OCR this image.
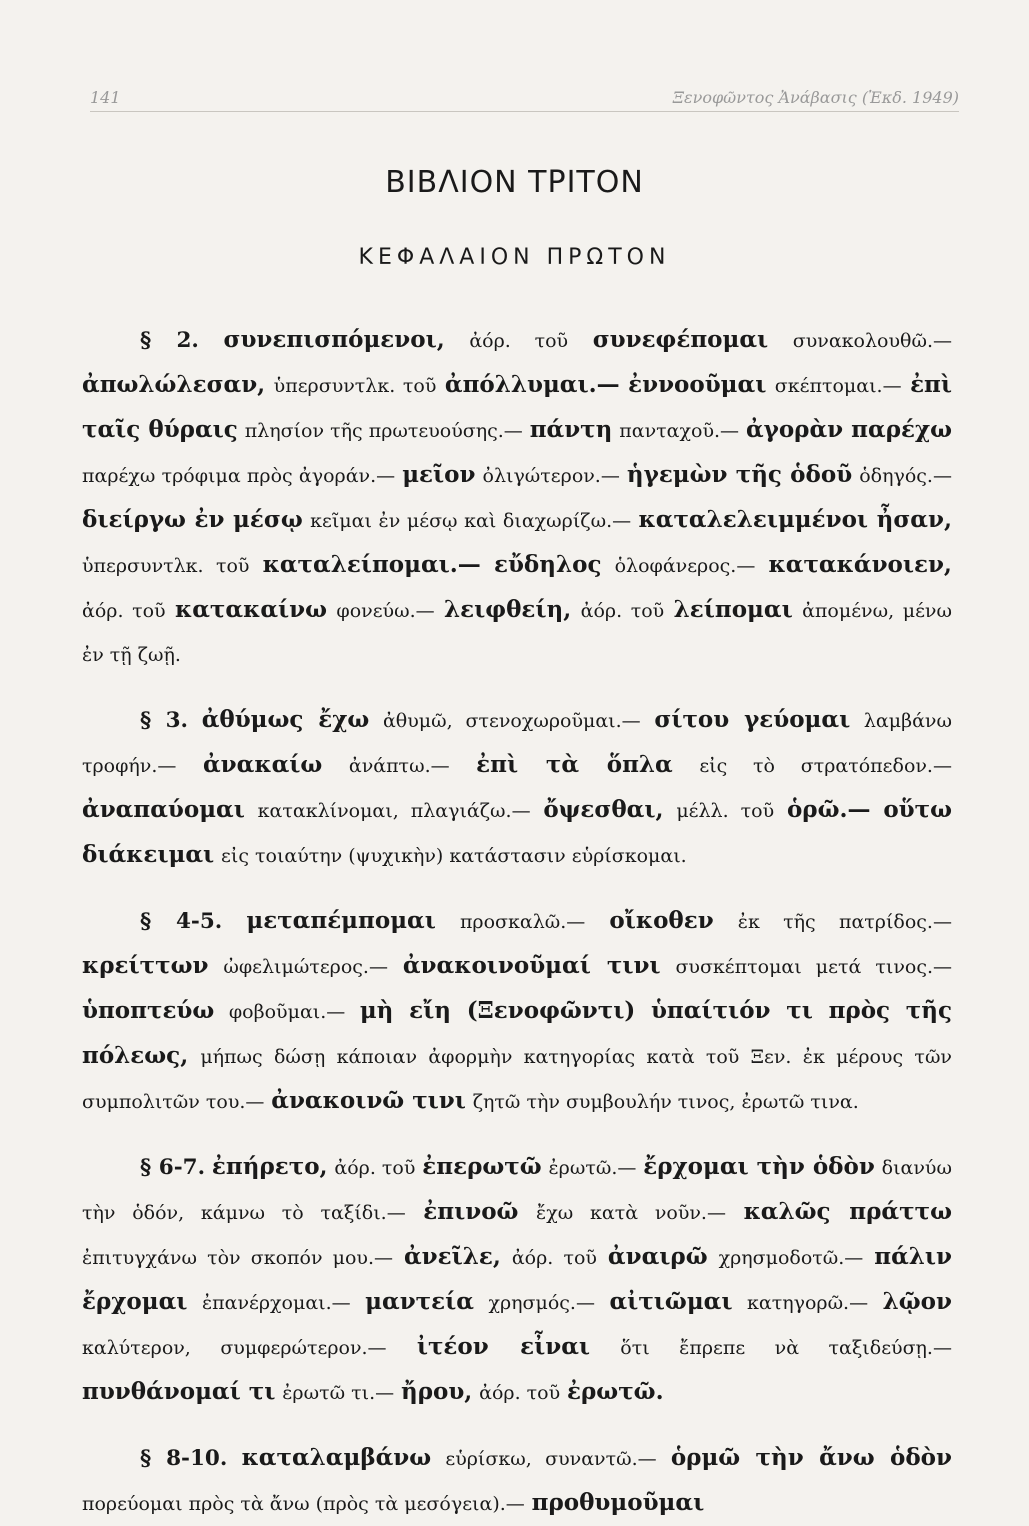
141	Ξενοφῶντος Ἀνάβασις (Ἐκδ. 1949)
ΒΙΒΛΙΟΝ ΤΡΙΤΟΝ
ΚΕΦΑΛΑΙΟΝ ΠΡΩΤΟΝ

§ 2. συνεπισπόμενοι, ἀόρ. τοῦ συνεφέπομαι συνακολουθῶ.— ἀπωλώλεσαν, ὑπερσυντλκ. τοῦ ἀπόλλυμαι.— ἐννοοῦμαι σκέπτομαι.— ἐπὶ ταῖς θύραις πλησίον τῆς πρωτευούσης.— πάντη πανταχοῦ.— ἀγορὰν παρέχω παρέχω τρόφιμα πρὸς ἀγοράν.— μεῖον ὀλιγώτερον.— ἡγεμὼν τῆς ὁδοῦ ὁδηγός.— διείργω ἐν μέσῳ κεῖμαι ἐν μέσῳ καὶ διαχωρίζω.— καταλελειμμένοι ἦσαν, ὑπερσυντλκ. τοῦ καταλείπομαι.— εὔδηλος ὁλοφάνερος.— κατακάνοιεν, ἀόρ. τοῦ κατακαίνω φονεύω.— λειφθείη, ἀόρ. τοῦ λείπομαι ἀπομένω, μένω ἐν τῇ ζωῇ.

§ 3. ἀθύμως ἔχω ἀθυμῶ, στενοχωροῦμαι.— σίτου γεύομαι λαμβάνω τροφήν.— ἀνακαίω ἀνάπτω.— ἐπὶ τὰ ὅπλα εἰς τὸ στρατόπεδον.— ἀναπαύομαι κατακλίνομαι, πλαγιάζω.— ὄψεσθαι, μέλλ. τοῦ ὁρῶ.— οὕτω διάκειμαι εἰς τοιαύτην (ψυχικὴν) κατάστασιν εὑρίσκομαι.

§ 4-5. μεταπέμπομαι προσκαλῶ.— οἴκοθεν ἐκ τῆς πατρίδος.— κρείττων ὠφελιμώτερος.— ἀνακοινοῦμαί τινι συσκέπτομαι μετά τινος.— ὑποπτεύω φοβοῦμαι.— μὴ εἴη (Ξενοφῶντι) ὑπαίτιόν τι πρὸς τῆς πόλεως, μήπως δώσῃ κάποιαν ἀφορμὴν κατηγορίας κατὰ τοῦ Ξεν. ἐκ μέρους τῶν συμπολιτῶν του.— ἀνακοινῶ τινι ζητῶ τὴν συμβουλήν τινος, ἐρωτῶ τινα.

§ 6-7. ἐπήρετο, ἀόρ. τοῦ ἐπερωτῶ ἐρωτῶ.— ἔρχομαι τὴν ὁδὸν διανύω τὴν ὁδόν, κάμνω τὸ ταξίδι.— ἐπινοῶ ἔχω κατὰ νοῦν.— καλῶς πράττω ἐπιτυγχάνω τὸν σκοπόν μου.— ἀνεῖλε, ἀόρ. τοῦ ἀναιρῶ χρησμοδοτῶ.— πάλιν ἔρχομαι ἐπανέρχομαι.— μαντεία χρησμός.— αἰτιῶμαι κατηγορῶ.— λῷον καλύτερον, συμφερώτερον.— ἰτέον εἶναι ὅτι ἔπρεπε νὰ ταξιδεύσῃ.— πυνθάνομαί τι ἐρωτῶ τι.— ἤρου, ἀόρ. τοῦ ἐρωτῶ.

§ 8-10. καταλαμβάνω εὑρίσκω, συναντῶ.— ὁρμῶ τὴν ἄνω ὁδὸν πορεύομαι πρὸς τὰ ἄνω (πρὸς τὰ μεσόγεια).— προθυμοῦμαι
